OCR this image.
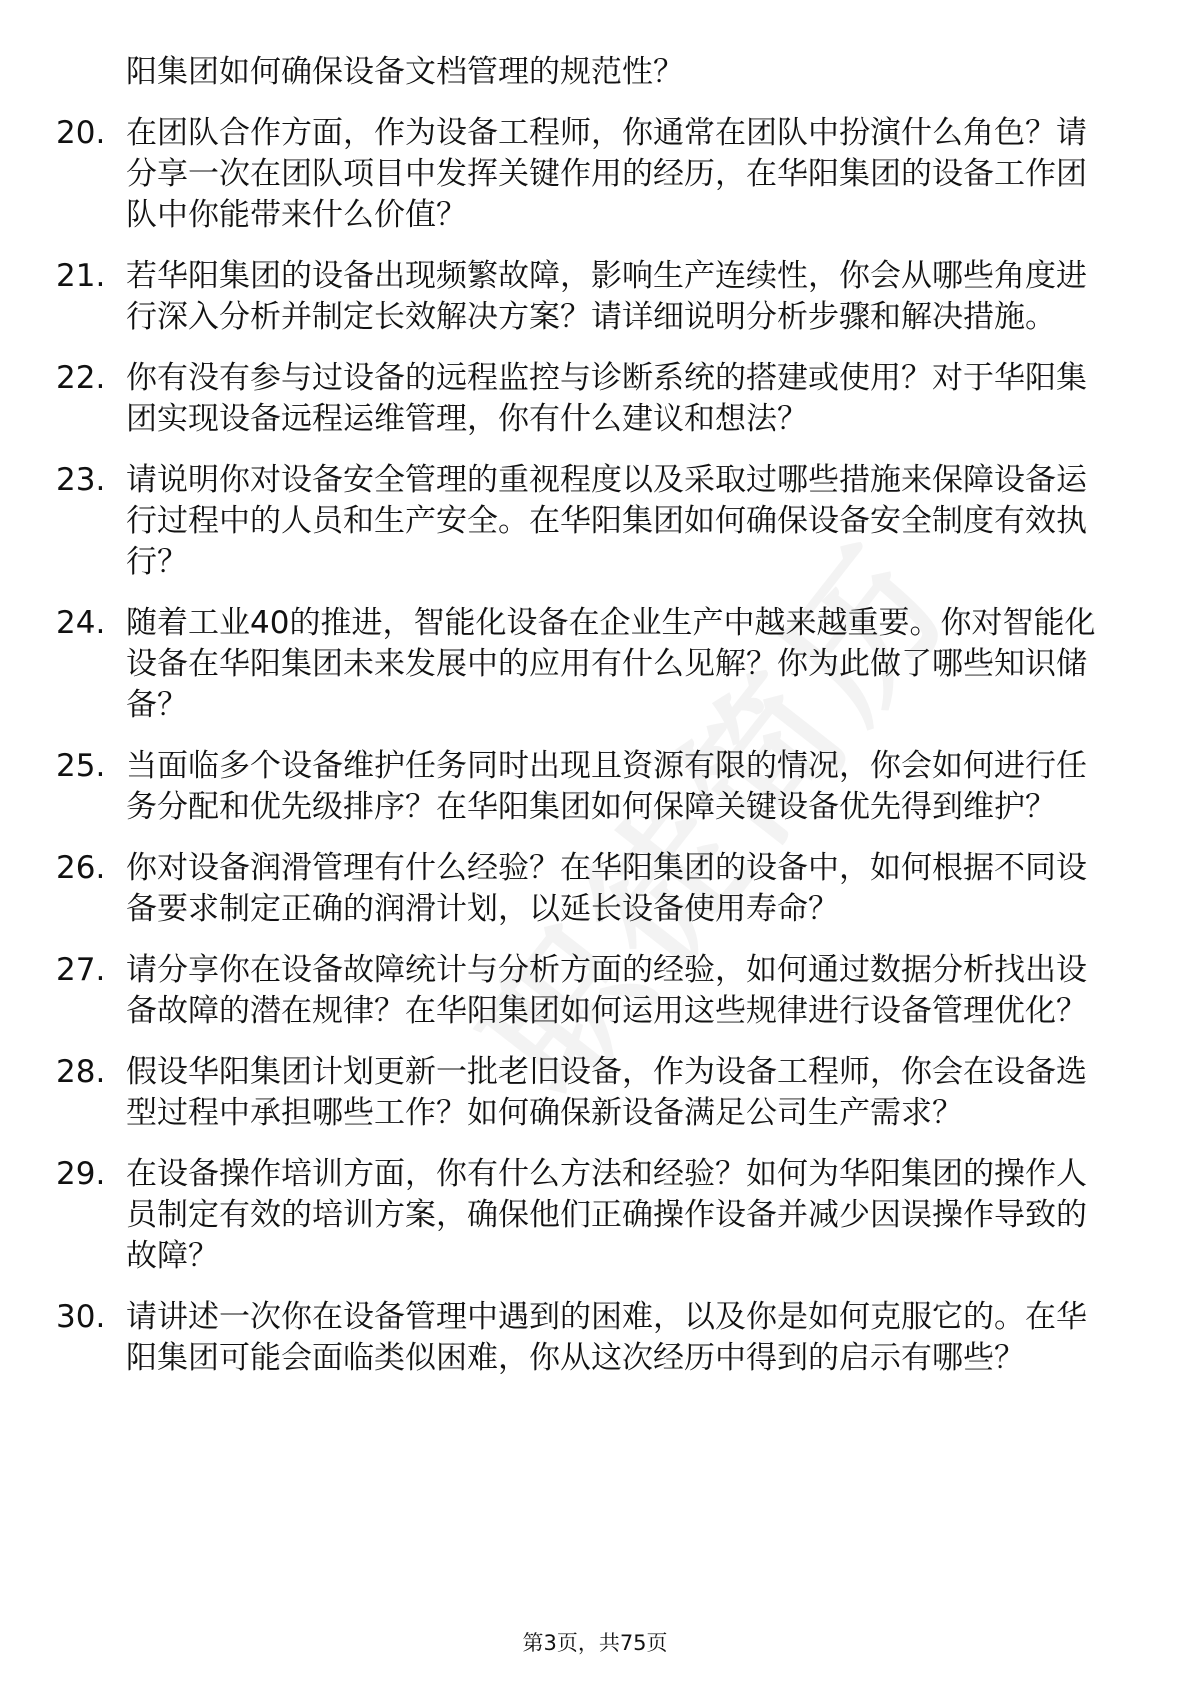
阳集团如何确保设备文档管理的规范性？
20. 在团队合作方面，作为设备工程师，你通常在团队中扮演什么角色？请分享一次在团队项目中发挥关键作用的经历，在华阳集团的设备工作团队中你能带来什么价值？
21. 若华阳集团的设备出现频繁故障，影响生产连续性，你会从哪些角度进行深入分析并制定长效解决方案？请详细说明分析步骤和解决措施。
22. 你有没有参与过设备的远程监控与诊断系统的搭建或使用？对于华阳集团实现设备远程运维管理，你有什么建议和想法？
23. 请说明你对设备安全管理的重视程度以及采取过哪些措施来保障设备运行过程中的人员和生产安全。在华阳集团如何确保设备安全制度有效执行？
24. 随着工业40的推进，智能化设备在企业生产中越来越重要。你对智能化设备在华阳集团未来发展中的应用有什么见解？你为此做了哪些知识储备？
25. 当面临多个设备维护任务同时出现且资源有限的情况，你会如何进行任务分配和优先级排序？在华阳集团如何保障关键设备优先得到维护？
26. 你对设备润滑管理有什么经验？在华阳集团的设备中，如何根据不同设备要求制定正确的润滑计划，以延长设备使用寿命？
27. 请分享你在设备故障统计与分析方面的经验，如何通过数据分析找出设备故障的潜在规律？在华阳集团如何运用这些规律进行设备管理优化？
28. 假设华阳集团计划更新一批老旧设备，作为设备工程师，你会在设备选型过程中承担哪些工作？如何确保新设备满足公司生产需求？
29. 在设备操作培训方面，你有什么方法和经验？如何为华阳集团的操作人员制定有效的培训方案，确保他们正确操作设备并减少因误操作导致的故障？
30. 请讲述一次你在设备管理中遇到的困难，以及你是如何克服它的。在华阳集团可能会面临类似困难，你从这次经历中得到的启示有哪些？
第3页，共75页
